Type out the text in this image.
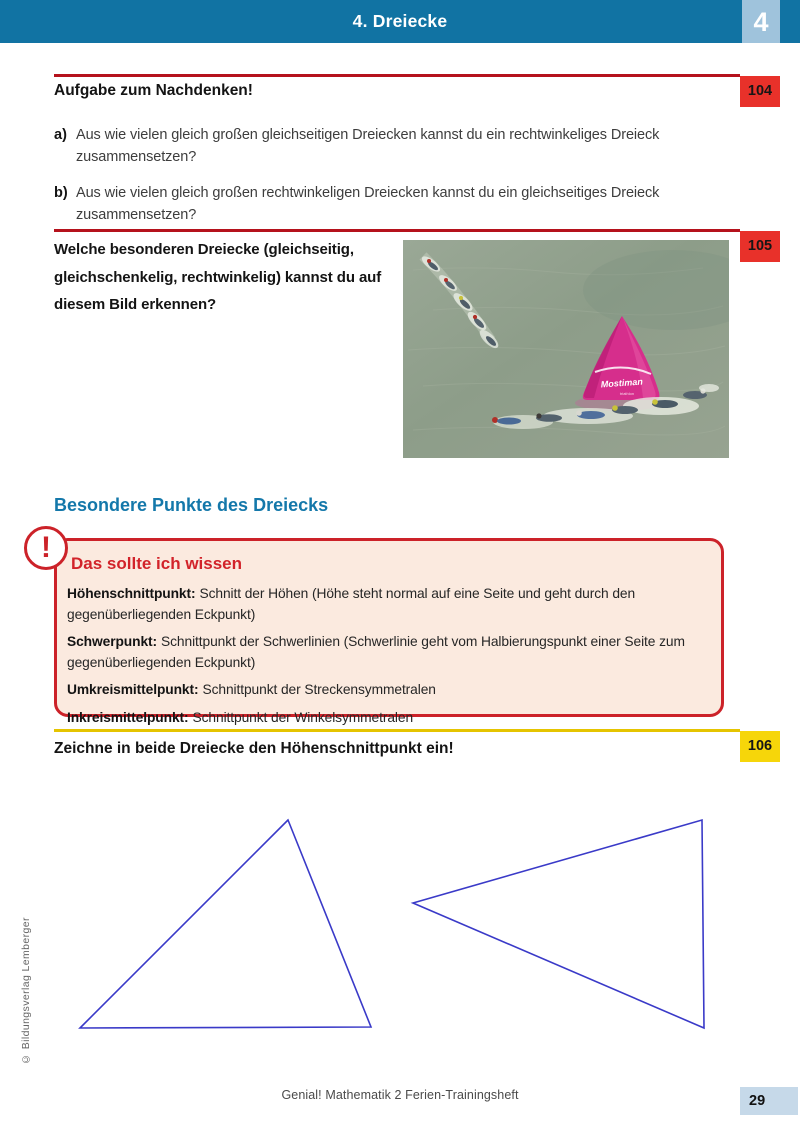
4. Dreiecke	4
104
Aufgabe zum Nachdenken!
a) Aus wie vielen gleich großen gleichseitigen Dreiecken kannst du ein rechtwinkeliges Dreieck zusammensetzen?
b) Aus wie vielen gleich großen rechtwinkeligen Dreiecken kannst du ein gleichseitiges Dreieck zusammensetzen?
105
Welche besonderen Dreiecke (gleichseitig, gleichschenkelig, rechtwinkelig) kannst du auf diesem Bild erkennen?
Mostiman
triathlon
Besondere Punkte des Dreiecks
!	Das sollte ich wissen
Höhenschnittpunkt: Schnitt der Höhen (Höhe steht normal auf eine Seite und geht durch den gegenüberliegenden Eckpunkt)
Schwerpunkt: Schnittpunkt der Schwerlinien (Schwerlinie geht vom Halbierungspunkt einer Seite zum gegenüberliegenden Eckpunkt)
Umkreismittelpunkt: Schnittpunkt der Streckensymmetralen
Inkreismittelpunkt: Schnittpunkt der Winkelsymmetralen
106
Zeichne in beide Dreiecke den Höhenschnittpunkt ein!
© Bildungsverlag Lemberger
Genial! Mathematik 2 Ferien-Trainingsheft	29
